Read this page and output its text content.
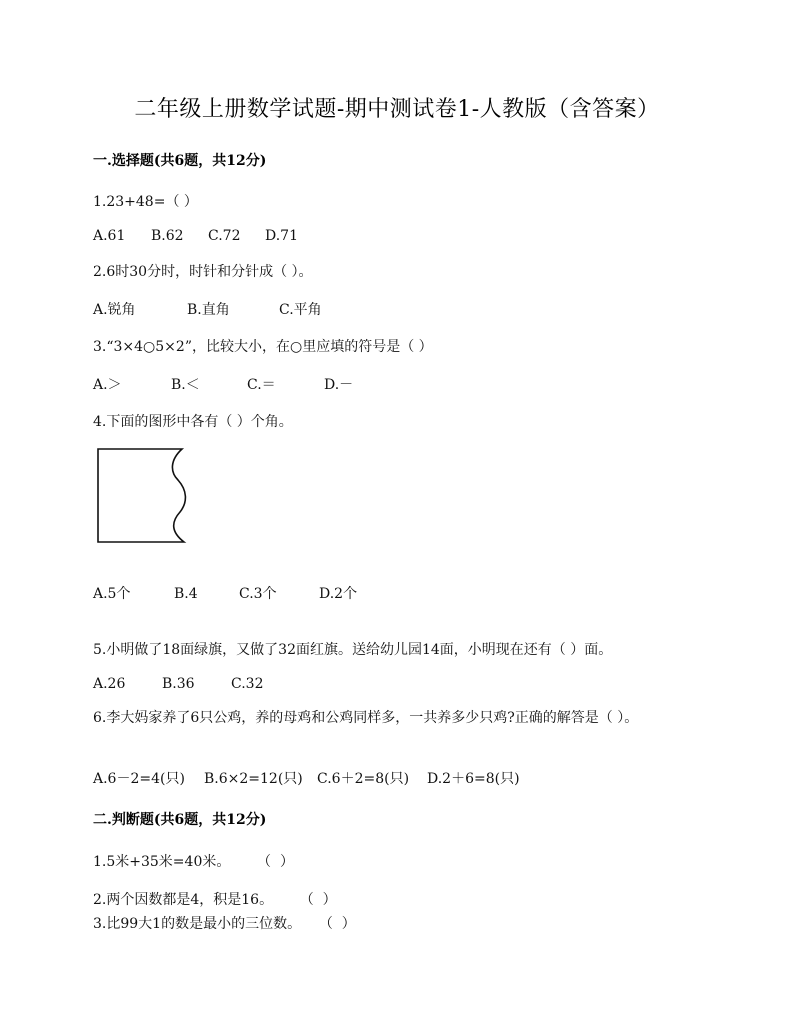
二年级上册数学试题-期中测试卷1-人教版（含答案）
一.选择题(共6题，共12分)
1.23+48=（ ）
A.61 B.62 C.72 D.71
2.6时30分时，时针和分针成（ ）。
A.锐角	B.直角	C.平角
3.“3×4○5×2”，比较大小，在○里应填的符号是（ ）
A.＞	B.＜	C.＝	D.－
4.下面的图形中各有（ ）个角。
A.5个	B.4	C.3个	D.2个
5.小明做了18面绿旗，又做了32面红旗。送给幼儿园14面，小明现在还有（ ）面。
A.26	B.36	C.32
6.李大妈家养了6只公鸡，养的母鸡和公鸡同样多，一共养多少只鸡?正确的解答是（ ）。
A.6－2=4(只) B.6×2=12(只) C.6＋2=8(只) D.2＋6=8(只)
二.判断题(共6题，共12分)
1.5米+35米=40米。      （  ）
2.两个因数都是4，积是16。      （  ）
3.比99大1的数是最小的三位数。    （  ）
